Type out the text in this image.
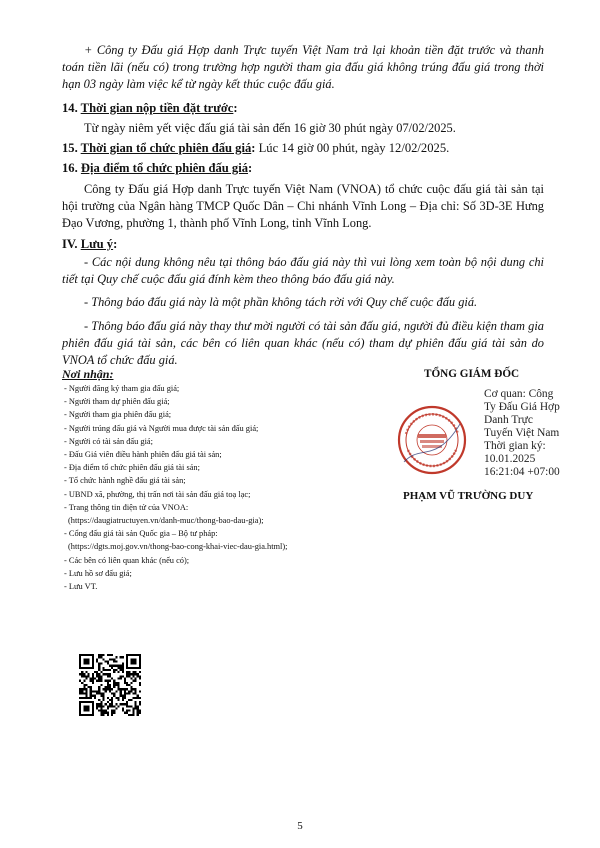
+ Công ty Đấu giá Hợp danh Trực tuyến Việt Nam trả lại khoản tiền đặt trước và thanh toán tiền lãi (nếu có) trong trường hợp người tham gia đấu giá không trúng đấu giá trong thời hạn 03 ngày làm việc kể từ ngày kết thúc cuộc đấu giá.

14. Thời gian nộp tiền đặt trước:

Từ ngày niêm yết việc đấu giá tài sản đến 16 giờ 30 phút ngày 07/02/2025.

15. Thời gian tổ chức phiên đấu giá: Lúc 14 giờ 00 phút, ngày 12/02/2025.
16. Địa điểm tổ chức phiên đấu giá:

Công ty Đấu giá Hợp danh Trực tuyến Việt Nam (VNOA) tổ chức cuộc đấu giá tài sản tại hội trường của Ngân hàng TMCP Quốc Dân – Chi nhánh Vĩnh Long – Địa chỉ: Số 3D-3E Hưng Đạo Vương, phường 1, thành phố Vĩnh Long, tỉnh Vĩnh Long.

IV. Lưu ý:

- Các nội dung không nêu tại thông báo đấu giá này thì vui lòng xem toàn bộ nội dung chi tiết tại Quy chế cuộc đấu giá đính kèm theo thông báo đấu giá này.

- Thông báo đấu giá này là một phần không tách rời với Quy chế cuộc đấu giá.

- Thông báo đấu giá này thay thư mời người có tài sản đấu giá, người đủ điều kiện tham gia phiên đấu giá tài sản, các bên có liên quan khác (nếu có) tham dự phiên đấu giá tài sản do VNOA tổ chức đấu giá.

Nơi nhận:
- Người đăng ký tham gia đấu giá;
- Người tham dự phiên đấu giá;
- Người tham gia phiên đấu giá;
- Người trúng đấu giá và Người mua được tài sản đấu giá;
- Người có tài sản đấu giá;
- Đấu Giá viên điều hành phiên đấu giá tài sản;
- Địa điểm tổ chức phiên đấu giá tài sản;
- Tổ chức hành nghề đấu giá tài sản;
- UBND xã, phường, thị trấn nơi tài sản đấu giá toạ lạc;
- Trang thông tin điện tử của VNOA:
(https://daugiatructuyen.vn/danh-muc/thong-bao-dau-gia);
- Cổng đấu giá tài sản Quốc gia – Bộ tư pháp:
(https://dgts.moj.gov.vn/thong-bao-cong-khai-viec-dau-gia.html);
- Các bên có liên quan khác (nếu có);
- Lưu hồ sơ đấu giá;
- Lưu VT.
TỔNG GIÁM ĐỐC
Cơ quan: Công
Ty Đấu Giá Hợp
Danh Trực
Tuyến Việt Nam
Thời gian ký:
10.01.2025
16:21:04 +07:00
PHẠM VŨ TRƯỜNG DUY
5
